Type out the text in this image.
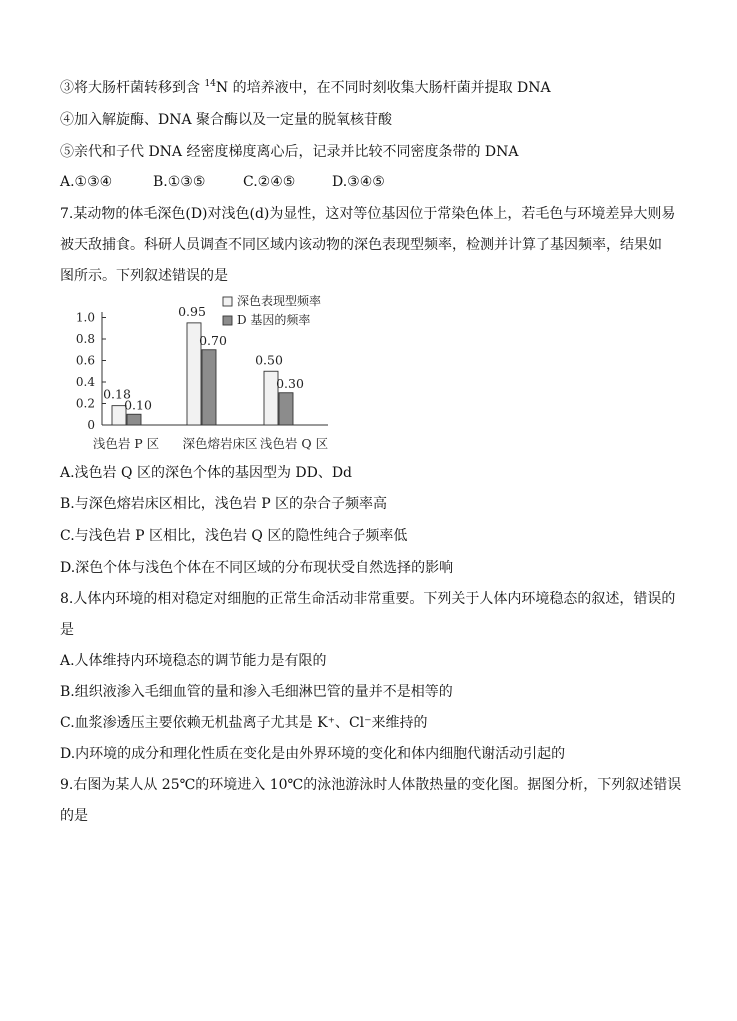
③将大肠杆菌转移到含 $^{14}$N 的培养液中，在不同时刻收集大肠杆菌并提取 DNA
④加入解旋酶、DNA 聚合酶以及一定量的脱氧核苷酸
⑤亲代和子代 DNA 经密度梯度离心后，记录并比较不同密度条带的 DNA
A.①③④	B.①③⑤	C.②④⑤	D.③④⑤
7.某动物的体毛深色(D)对浅色(d)为显性，这对等位基因位于常染色体上，若毛色与环境差异大则易
被天敌捕食。科研人员调查不同区域内该动物的深色表现型频率，检测并计算了基因频率，结果如
图所示。下列叙述错误的是
0
0.2
0.4
0.6
0.8
1.0
0.18
0.10
0.95
0.70
0.50
0.30
浅色岩 P 区 深色熔岩床区 浅色岩 Q 区
深色表现型频率
D 基因的频率
A.浅色岩 Q 区的深色个体的基因型为 DD、Dd
B.与深色熔岩床区相比，浅色岩 P 区的杂合子频率高
C.与浅色岩 P 区相比，浅色岩 Q 区的隐性纯合子频率低
D.深色个体与浅色个体在不同区域的分布现状受自然选择的影响
8.人体内环境的相对稳定对细胞的正常生命活动非常重要。下列关于人体内环境稳态的叙述，错误的
是
A.人体维持内环境稳态的调节能力是有限的
B.组织液渗入毛细血管的量和渗入毛细淋巴管的量并不是相等的
C.血浆渗透压主要依赖无机盐离子尤其是 K⁺、Cl⁻来维持的
D.内环境的成分和理化性质在变化是由外界环境的变化和体内细胞代谢活动引起的
9.右图为某人从 25℃的环境进入 10℃的泳池游泳时人体散热量的变化图。据图分析，下列叙述错误
的是
